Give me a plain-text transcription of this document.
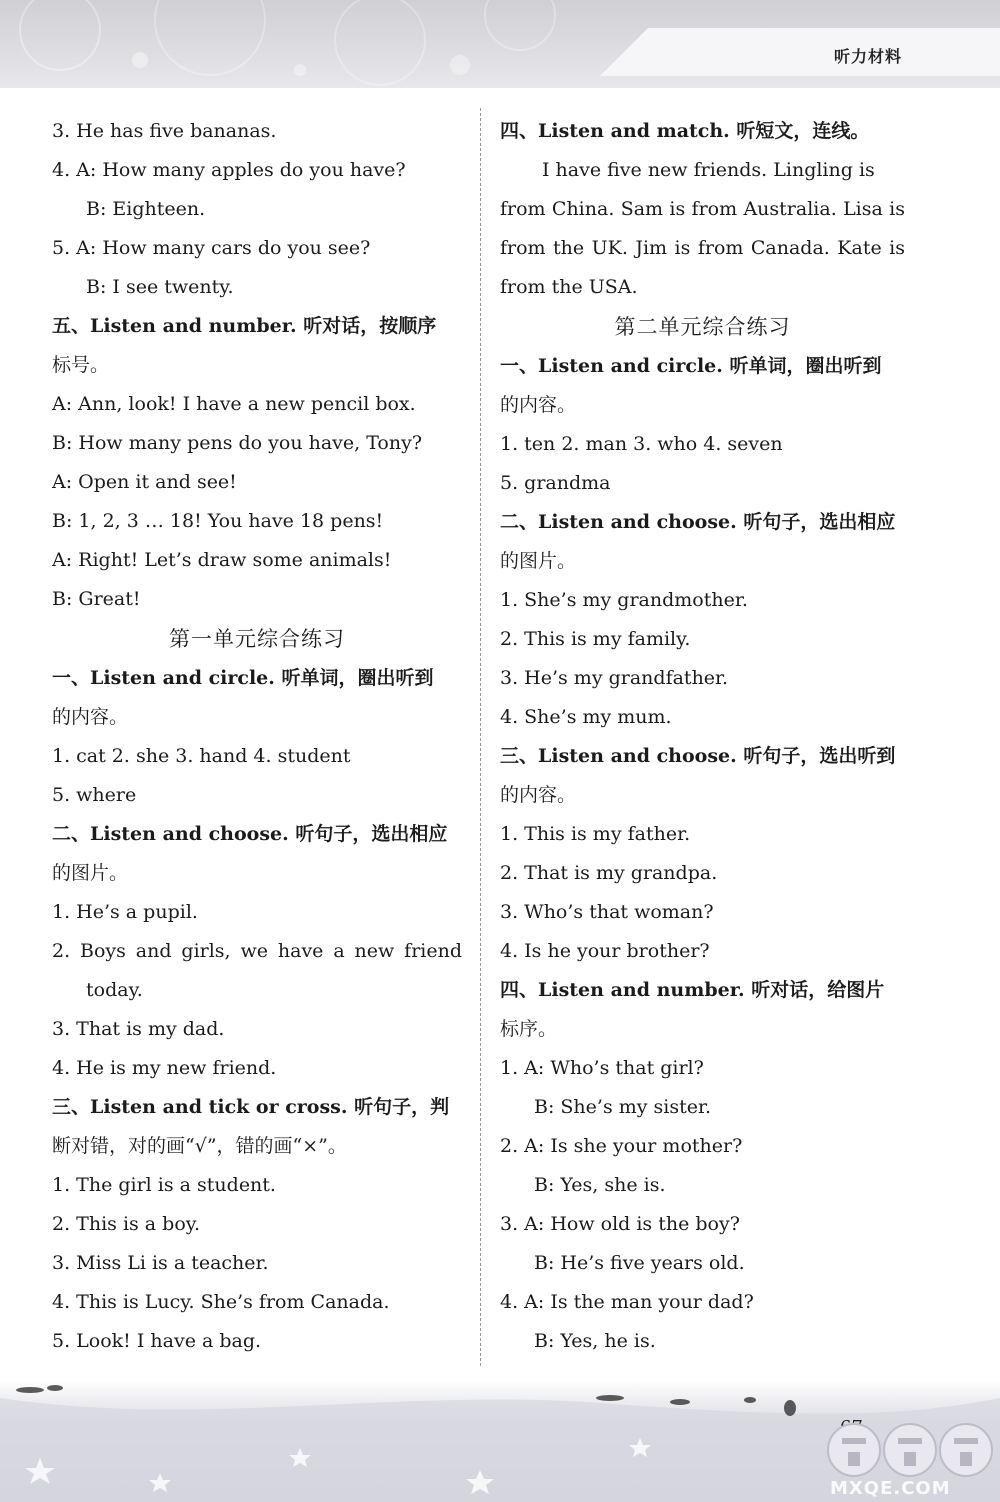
听力材料
3. He has five bananas.
4. A: How many apples do you have?
B: Eighteen.
5. A: How many cars do you see?
B: I see twenty.
五、Listen and number. 听对话，按顺序
标号。
A: Ann, look! I have a new pencil box.
B: How many pens do you have, Tony?
A: Open it and see!
B: 1, 2, 3 … 18! You have 18 pens!
A: Right! Let’s draw some animals!
B: Great!
第一单元综合练习
一、Listen and circle. 听单词，圈出听到
的内容。
1. cat 2. she 3. hand 4. student
5. where
二、Listen and choose. 听句子，选出相应
的图片。
1. He’s a pupil.
2. Boys and girls, we have a new friend
today.
3. That is my dad.
4. He is my new friend.
三、Listen and tick or cross. 听句子，判
断对错，对的画“√”，错的画“×”。
1. The girl is a student.
2. This is a boy.
3. Miss Li is a teacher.
4. This is Lucy. She’s from Canada.
5. Look! I have a bag.
四、Listen and match. 听短文，连线。
I have five new friends. Lingling is
from China. Sam is from Australia. Lisa is
from the UK. Jim is from Canada. Kate is
from the USA.
第二单元综合练习
一、Listen and circle. 听单词，圈出听到
的内容。
1. ten 2. man 3. who 4. seven
5. grandma
二、Listen and choose. 听句子，选出相应
的图片。
1. She’s my grandmother.
2. This is my family.
3. He’s my grandfather.
4. She’s my mum.
三、Listen and choose. 听句子，选出听到
的内容。
1. This is my father.
2. That is my grandpa.
3. Who’s that woman?
4. Is he your brother?
四、Listen and number. 听对话，给图片
标序。
1. A: Who’s that girl?
B: She’s my sister.
2. A: Is she your mother?
B: Yes, she is.
3. A: How old is the boy?
B: He’s five years old.
4. A: Is the man your dad?
B: Yes, he is.
MXQE.COM
